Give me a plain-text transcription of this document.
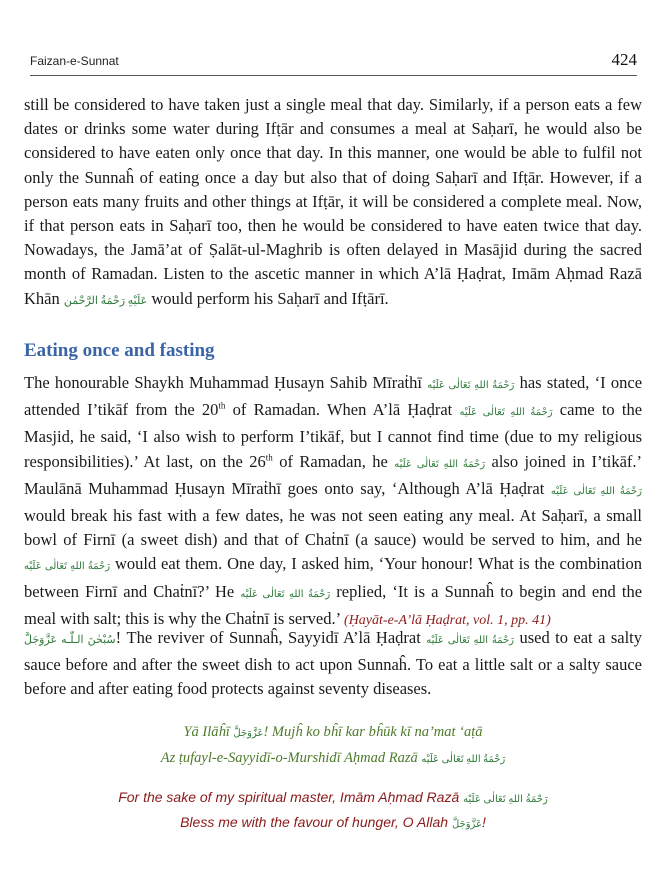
Faizan-e-Sunnat	424

still be considered to have taken just a single meal that day. Similarly, if a person eats a few dates or drinks some water during Ifṭār and consumes a meal at Saḥarī, he would also be considered to have eaten only once that day. In this manner, one would be able to fulfil not only the Sunnaĥ of eating once a day but also that of doing Saḥarī and Ifṭār. However, if a person eats many fruits and other things at Ifṭār, it will be considered a complete meal. Now, if that person eats in Saḥarī too, then he would be considered to have eaten twice that day. Nowadays, the Jamā’at of Ṣalāt-ul-Maghrib is often delayed in Masājid during the sacred month of Ramadan. Listen to the ascetic manner in which A’lā Ḥaḍrat, Imām Aḥmad Razā Khān عَلَيْهِ رَحْمَةُ الرَّحْمٰن would perform his Saḥarī and Ifṭārī.

Eating once and fasting

The honourable Shaykh Muhammad Ḥusayn Sahib Mīraṫhī رَحْمَةُ اللهِ تَعَالٰى عَلَيْه has stated, ‘I once attended I’tikāf from the 20th of Ramadan. When A’lā Ḥaḍrat رَحْمَةُ اللهِ تَعَالٰى عَلَيْه came to the Masjid, he said, ‘I also wish to perform I’tikāf, but I cannot find time (due to my religious responsibilities).’ At last, on the 26th of Ramadan, he رَحْمَةُ اللهِ تَعَالٰى عَلَيْه also joined in I’tikāf.’ Maulānā Muhammad Ḥusayn Mīraṫhī goes onto say, ‘Although A’lā Ḥaḍrat رَحْمَةُ اللهِ تَعَالٰى عَلَيْه would break his fast with a few dates, he was not seen eating any meal. At Saḥarī, a small bowl of Firnī (a sweet dish) and that of Chaṫnī (a sauce) would be served to him, and he رَحْمَةُ اللهِ تَعَالٰى عَلَيْه would eat them. One day, I asked him, ‘Your honour! What is the combination between Firnī and Chaṫnī?’ He رَحْمَةُ اللهِ تَعَالٰى عَلَيْه replied, ‘It is a Sunnaĥ to begin and end the meal with salt; this is why the Chaṫnī is served.’ (Ḥayāt-e-A’lā Ḥaḍrat, vol. 1, pp. 41)

سُبْحٰنَ الـلّٰـه عَزَّوَجَلَّ! The reviver of Sunnaĥ, Sayyidī A’lā Ḥaḍrat رَحْمَةُ اللهِ تَعَالٰى عَلَيْه used to eat a salty sauce before and after the sweet dish to act upon Sunnaĥ. To eat a little salt or a salty sauce before and after eating food protects against seventy diseases.

Yā Ilāĥī عَزَّوَجَلَّ! Mujĥ ko bĥī kar bĥūk kī na’mat ‘aṭā
Az ṭufayl-e-Sayyidī-o-Murshidī Aḥmad Razā رَحْمَةُ اللهِ تَعَالٰى عَلَيْه
For the sake of my spiritual master, Imām Aḥmad Razā رَحْمَةُ اللهِ تَعَالٰى عَلَيْه
Bless me with the favour of hunger, O Allah عَزَّوَجَلَّ!
